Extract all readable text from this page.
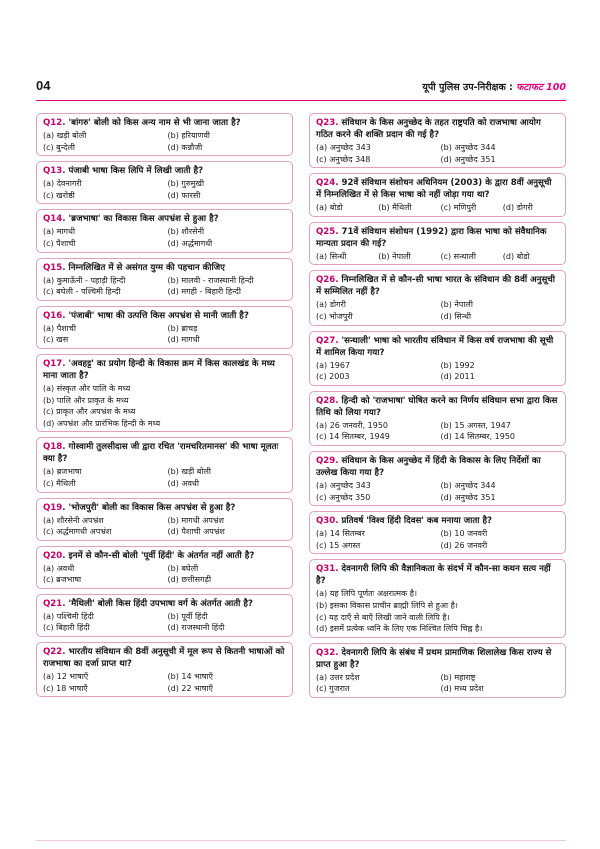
04	यूपी पुलिस उप-निरीक्षक : फटाफट 100

Q12. 'बांगरु' बोली को किस अन्य नाम से भी जाना जाता है?

(a) खड़ी बोली	(b) हरियाणवी
(c) बुन्देली	(d) कन्नौजी

Q13. पंजाबी भाषा किस लिपि में लिखी जाती है?

(a) देवनागरी	(b) गुरुमुखी
(c) खरोष्ठी	(d) फारसी

Q14. 'ब्रजभाषा' का विकास किस अपभ्रंश से हुआ है?

(a) मागधी	(b) शौरसेनी
(c) पैशाची	(d) अर्द्धमागधी

Q15. निम्नलिखित में से असंगत युग्म की पहचान कीजिए

(a) कुमाऊँनी - पहाड़ी हिन्दी	(b) मालवी - राजस्थानी हिन्दी
(c) बघेली - पश्चिमी हिन्दी	(d) मगही - बिहारी हिन्दी

Q16. 'पंजाबी' भाषा की उत्पत्ति किस अपभ्रंश से मानी जाती है?

(a) पैशाची	(b) ब्राचड़
(c) खस	(d) मागधी

Q17. 'अवहट्ट' का प्रयोग हिन्दी के विकास क्रम में किस कालखंड के मध्य माना जाता है?

(a) संस्कृत और पालि के मध्य
(b) पालि और प्राकृत के मध्य
(c) प्राकृत और अपभ्रंश के मध्य
(d) अपभ्रंश और प्रारंभिक हिन्दी के मध्य

Q18. गोस्वामी तुलसीदास जी द्वारा रचित 'रामचरितमानस' की भाषा मूलतः क्या है?

(a) ब्रजभाषा	(b) खड़ी बोली
(c) मैथिली	(d) अवधी

Q19. 'भोजपुरी' बोली का विकास किस अपभ्रंश से हुआ है?

(a) शौरसेनी अपभ्रंश	(b) मागधी अपभ्रंश
(c) अर्द्धमागधी अपभ्रंश	(d) पैशाची अपभ्रंश

Q20. इनमें से कौन-सी बोली 'पूर्वी हिंदी' के अंतर्गत नहीं आती है?

(a) अवधी	(b) बघेली
(c) ब्रजभाषा	(d) छत्तीसगढ़ी

Q21. 'मैथिली' बोली किस हिंदी उपभाषा वर्ग के अंतर्गत आती है?

(a) पश्चिमी हिंदी	(b) पूर्वी हिंदी
(c) बिहारी हिंदी	(d) राजस्थानी हिंदी

Q22. भारतीय संविधान की 8वीं अनुसूची में मूल रूप से कितनी भाषाओं को राजभाषा का दर्जा प्राप्त था?

(a) 12 भाषाएँ	(b) 14 भाषाएँ
(c) 18 भाषाएँ	(d) 22 भाषाएँ

Q23. संविधान के किस अनुच्छेद के तहत राष्ट्रपति को राजभाषा आयोग गठित करने की शक्ति प्रदान की गई है?

(a) अनुच्छेद 343	(b) अनुच्छेद 344
(c) अनुच्छेद 348	(d) अनुच्छेद 351

Q24. 92वें संविधान संशोधन अधिनियम (2003) के द्वारा 8वीं अनुसूची में निम्नलिखित में से किस भाषा को नहीं जोड़ा गया था?

(a) बोडो	(b) मैथिली	(c) मणिपुरी	(d) डोगरी

Q25. 71वें संविधान संशोधन (1992) द्वारा किस भाषा को संवैधानिक मान्यता प्रदान की गई?

(a) सिन्धी	(b) नेपाली	(c) सन्थाली	(d) बोडो

Q26. निम्नलिखित में से कौन-सी भाषा भारत के संविधान की 8वीं अनुसूची में सम्मिलित नहीं है?

(a) डोगरी	(b) नेपाली
(c) भोजपुरी	(d) सिन्धी

Q27. 'सन्थाली' भाषा को भारतीय संविधान में किस वर्ष राजभाषा की सूची में शामिल किया गया?

(a) 1967	(b) 1992
(c) 2003	(d) 2011

Q28. हिन्दी को 'राजभाषा' घोषित करने का निर्णय संविधान सभा द्वारा किस तिथि को लिया गया?

(a) 26 जनवरी, 1950	(b) 15 अगस्त, 1947
(c) 14 सितम्बर, 1949	(d) 14 सितम्बर, 1950

Q29. संविधान के किस अनुच्छेद में हिंदी के विकास के लिए निर्देशों का उल्लेख किया गया है?

(a) अनुच्छेद 343	(b) अनुच्छेद 344
(c) अनुच्छेद 350	(d) अनुच्छेद 351

Q30. प्रतिवर्ष 'विश्व हिंदी दिवस' कब मनाया जाता है?

(a) 14 सितम्बर	(b) 10 जनवरी
(c) 15 अगस्त	(d) 26 जनवरी

Q31. देवनागरी लिपि की वैज्ञानिकता के संदर्भ में कौन-सा कथन सत्य नहीं है?

(a) यह लिपि पूर्णतः अक्षरात्मक है।
(b) इसका विकास प्राचीन ब्राह्मी लिपि से हुआ है।
(c) यह दाएँ से बाएँ लिखी जाने वाली लिपि है।
(d) इसमें प्रत्येक ध्वनि के लिए एक निश्चित लिपि चिह्न है।

Q32. देवनागरी लिपि के संबंध में प्रथम प्रामाणिक शिलालेख किस राज्य से प्राप्त हुआ है?

(a) उत्तर प्रदेश	(b) महाराष्ट्र
(c) गुजरात	(d) मध्य प्रदेश
